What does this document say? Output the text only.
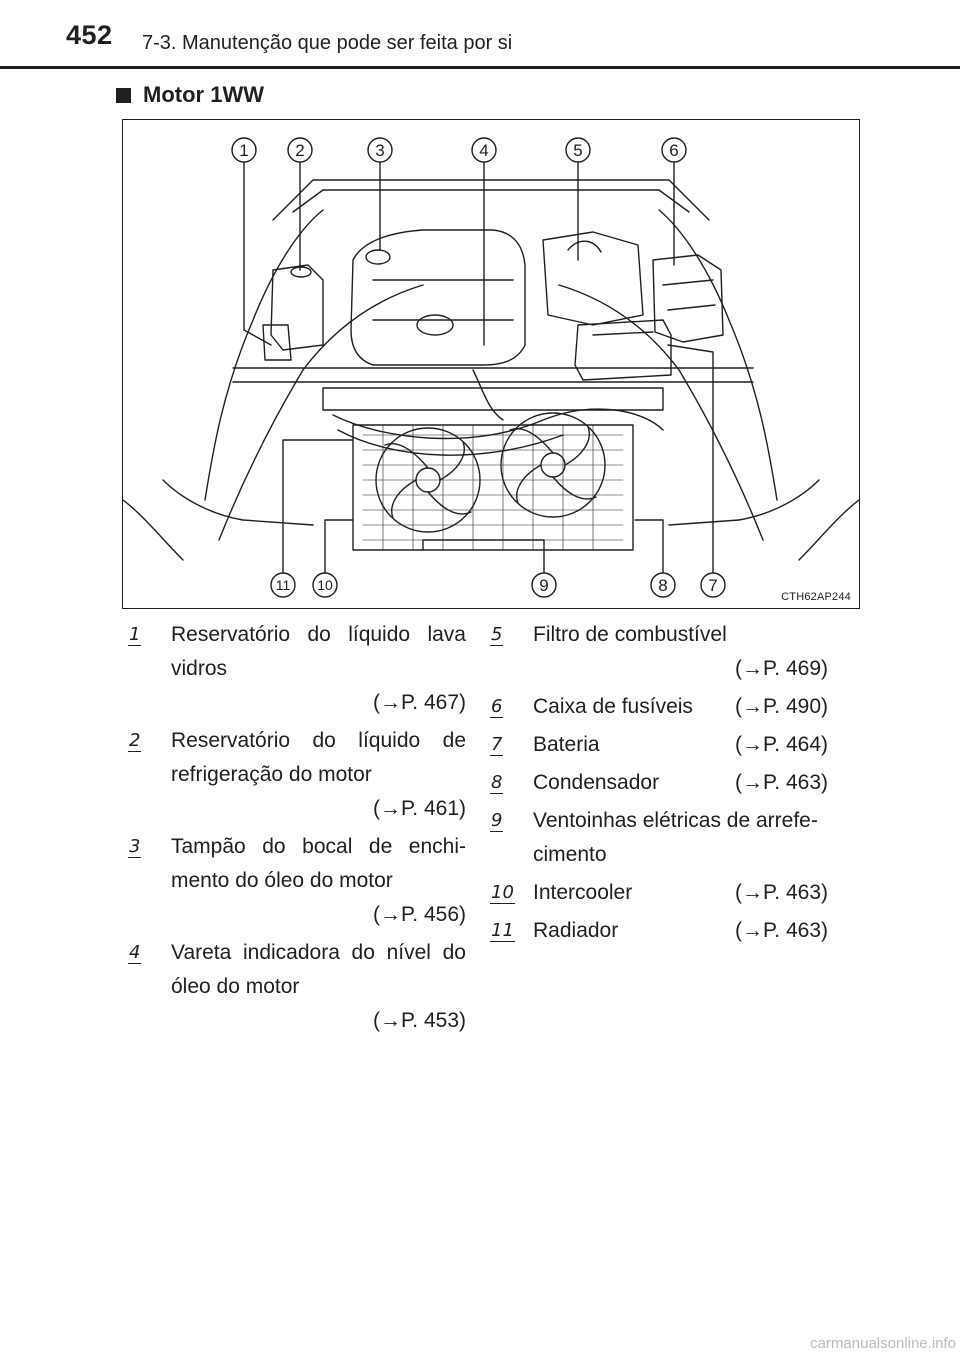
452 7-3. Manutenção que pode ser feita por si
Motor 1WW
1	2	3	4	5	6
7
8
9
10
11
CTH62AP244
1 Reservatório do líquido lava vidros
(→P. 467)
2 Reservatório do líquido de refrigeração do motor
(→P. 461)
3 Tampão do bocal de enchi-mento do óleo do motor
(→P. 456)
4 Vareta indicadora do nível do óleo do motor
(→P. 453)
5 Filtro de combustível
(→P. 469)
6 Caixa de fusíveis (→P. 490)
7 Bateria	(→P. 464)
8 Condensador	(→P. 463)
9 Ventoinhas elétricas de arrefe-cimento
10 Intercooler	(→P. 463)
11 Radiador	(→P. 463)
carmanualsonline.info
